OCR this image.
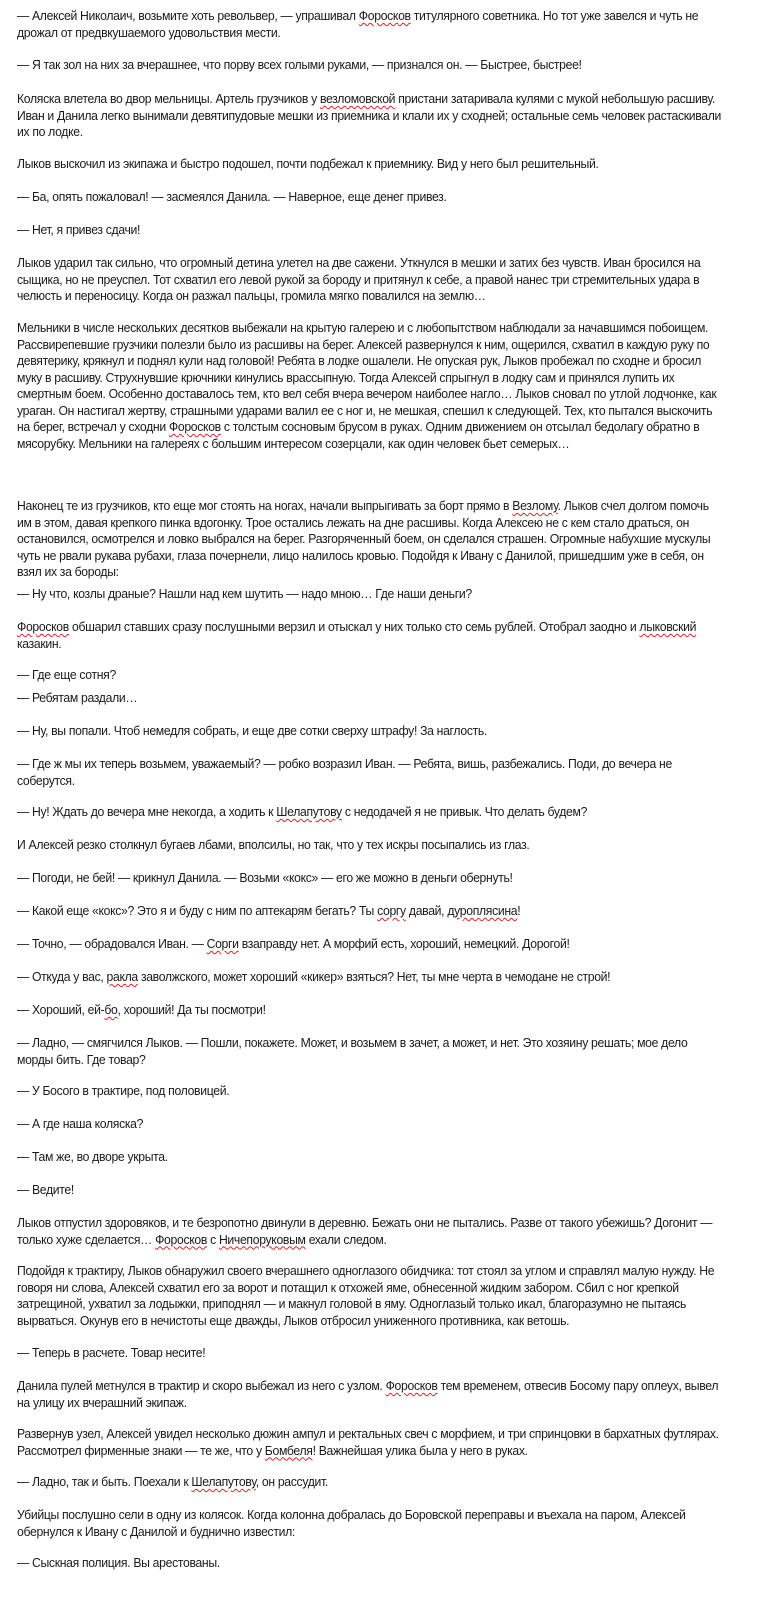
— Алексей Николаич, возьмите хоть револьвер, — упрашивал Форосков титулярного советника. Но тот уже завелся и чуть не дрожал от предвкушаемого удовольствия мести.

— Я так зол на них за вчерашнее, что порву всех голыми руками, — признался он. — Быстрее, быстрее!

Коляска влетела во двор мельницы. Артель грузчиков у везломовской пристани затаривала кулями с мукой небольшую расшиву. Иван и Данила легко вынимали девятипудовые мешки из приемника и клали их у сходней; остальные семь человек растаскивали их по лодке.

Лыков выскочил из экипажа и быстро подошел, почти подбежал к приемнику. Вид у него был решительный.

— Ба, опять пожаловал! — засмеялся Данила. — Наверное, еще денег привез.

— Нет, я привез сдачи!

Лыков ударил так сильно, что огромный детина улетел на две сажени. Уткнулся в мешки и затих без чувств. Иван бросился на сыщика, но не преуспел. Тот схватил его левой рукой за бороду и притянул к себе, а правой нанес три стремительных удара в челюсть и переносицу. Когда он разжал пальцы, громила мягко повалился на землю…

Мельники в числе нескольких десятков выбежали на крытую галерею и с любопытством наблюдали за начавшимся побоищем. Рассвирепевшие грузчики полезли было из расшивы на берег. Алексей развернулся к ним, ощерился, схватил в каждую руку по девятерику, крякнул и поднял кули над головой! Ребята в лодке ошалели. Не опуская рук, Лыков пробежал по сходне и бросил муку в расшиву. Струхнувшие крючники кинулись врассыпную. Тогда Алексей спрыгнул в лодку сам и принялся лупить их смертным боем. Особенно доставалось тем, кто вел себя вчера вечером наиболее нагло… Лыков сновал по утлой лодчонке, как ураган. Он настигал жертву, страшными ударами валил ее с ног и, не мешкая, спешил к следующей. Тех, кто пытался выскочить на берег, встречал у сходни Форосков с толстым сосновым брусом в руках. Одним движением он отсылал бедолагу обратно в мясорубку. Мельники на галереях с большим интересом созерцали, как один человек бьет семерых…

Наконец те из грузчиков, кто еще мог стоять на ногах, начали выпрыгивать за борт прямо в Везлому. Лыков счел долгом помочь им в этом, давая крепкого пинка вдогонку. Трое остались лежать на дне расшивы. Когда Алексею не с кем стало драться, он остановился, осмотрелся и ловко выбрался на берег. Разгоряченный боем, он сделался страшен. Огромные набухшие мускулы чуть не рвали рукава рубахи, глаза почернели, лицо налилось кровью. Подойдя к Ивану с Данилой, пришедшим уже в себя, он взял их за бороды:

— Ну что, козлы драные? Нашли над кем шутить — надо мною… Где наши деньги?

Форосков обшарил ставших сразу послушными верзил и отыскал у них только сто семь рублей. Отобрал заодно и лыковский казакин.

— Где еще сотня?

— Ребятам раздали…

— Ну, вы попали. Чтоб немедля собрать, и еще две сотки сверху штрафу! За наглость.

— Где ж мы их теперь возьмем, уважаемый? — робко возразил Иван. — Ребята, вишь, разбежались. Поди, до вечера не соберутся.

— Ну! Ждать до вечера мне некогда, а ходить к Шелапутову с недодачей я не привык. Что делать будем?

И Алексей резко столкнул бугаев лбами, вполсилы, но так, что у тех искры посыпались из глаз.

— Погоди, не бей! — крикнул Данила. — Возьми «кокс» — его же можно в деньги обернуть!

— Какой еще «кокс»? Это я и буду с ним по аптекарям бегать? Ты соргу давай, дуроплясина!

— Точно, — обрадовался Иван. — Сорги взаправду нет. А морфий есть, хороший, немецкий. Дорогой!

— Откуда у вас, ракла заволжского, может хороший «кикер» взяться? Нет, ты мне черта в чемодане не строй!

— Хороший, ей-бо, хороший! Да ты посмотри!

— Ладно, — смягчился Лыков. — Пошли, покажете. Может, и возьмем в зачет, а может, и нет. Это хозяину решать; мое дело морды бить. Где товар?

— У Босого в трактире, под половицей.

— А где наша коляска?

— Там же, во дворе укрыта.

— Ведите!

Лыков отпустил здоровяков, и те безропотно двинули в деревню. Бежать они не пытались. Разве от такого убежишь? Догонит — только хуже сделается… Форосков с Ничепоруковым ехали следом.

Подойдя к трактиру, Лыков обнаружил своего вчерашнего одноглазого обидчика: тот стоял за углом и справлял малую нужду. Не говоря ни слова, Алексей схватил его за ворот и потащил к отхожей яме, обнесенной жидким забором. Сбил с ног крепкой затрещиной, ухватил за лодыжки, приподнял — и макнул головой в яму. Одноглазый только икал, благоразумно не пытаясь вырваться. Окунув его в нечистоты еще дважды, Лыков отбросил униженного противника, как ветошь.

— Теперь в расчете. Товар несите!

Данила пулей метнулся в трактир и скоро выбежал из него с узлом. Форосков тем временем, отвесив Босому пару оплеух, вывел на улицу их вчерашний экипаж.

Развернув узел, Алексей увидел несколько дюжин ампул и ректальных свеч с морфием, и три спринцовки в бархатных футлярах. Рассмотрел фирменные знаки — те же, что у Бомбеля! Важнейшая улика была у него в руках.

— Ладно, так и быть. Поехали к Шелапутову, он рассудит.

Убийцы послушно сели в одну из колясок. Когда колонна добралась до Боровской переправы и въехала на паром, Алексей обернулся к Ивану с Данилой и буднично известил:

— Сыскная полиция. Вы арестованы.
